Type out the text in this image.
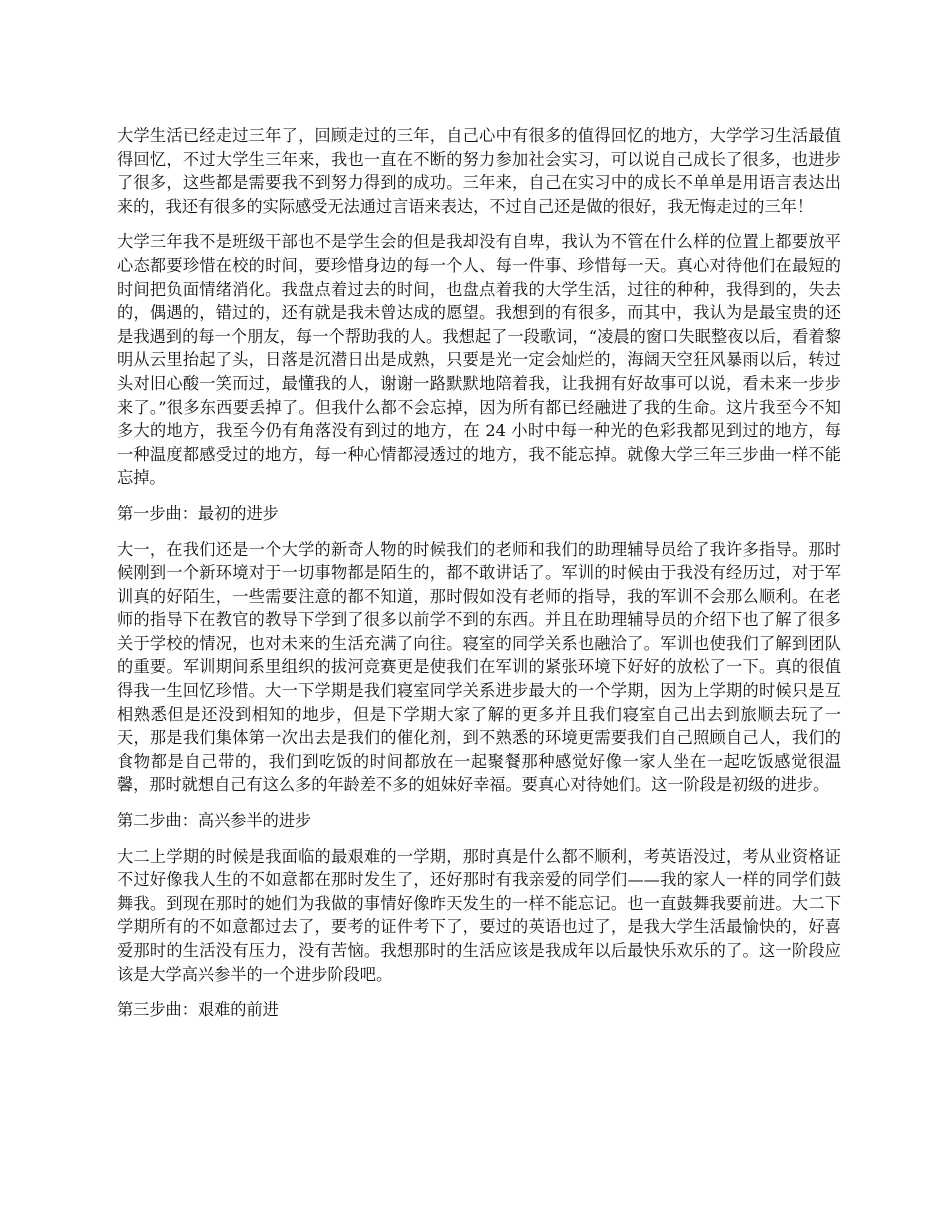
大学生活已经走过三年了，回顾走过的三年，自己心中有很多的值得回忆的地方，大学学习生活最值得回忆，不过大学生三年来，我也一直在不断的努力参加社会实习，可以说自己成长了很多，也进步了很多，这些都是需要我不到努力得到的成功。三年来，自己在实习中的成长不单单是用语言表达出来的，我还有很多的实际感受无法通过言语来表达，不过自己还是做的很好，我无悔走过的三年！

大学三年我不是班级干部也不是学生会的但是我却没有自卑，我认为不管在什么样的位置上都要放平心态都要珍惜在校的时间，要珍惜身边的每一个人、每一件事、珍惜每一天。真心对待他们在最短的时间把负面情绪消化。我盘点着过去的时间，也盘点着我的大学生活，过往的种种，我得到的，失去的，偶遇的，错过的，还有就是我未曾达成的愿望。我想到的有很多，而其中，我认为是最宝贵的还是我遇到的每一个朋友，每一个帮助我的人。我想起了一段歌词，“凌晨的窗口失眠整夜以后，看着黎明从云里抬起了头，日落是沉潜日出是成熟，只要是光一定会灿烂的，海阔天空狂风暴雨以后，转过头对旧心酸一笑而过，最懂我的人，谢谢一路默默地陪着我，让我拥有好故事可以说，看未来一步步来了。”很多东西要丢掉了。但我什么都不会忘掉，因为所有都已经融进了我的生命。这片我至今不知多大的地方，我至今仍有角落没有到过的地方，在 24 小时中每一种光的色彩我都见到过的地方，每一种温度都感受过的地方，每一种心情都浸透过的地方，我不能忘掉。就像大学三年三步曲一样不能忘掉。

第一步曲：最初的进步

大一，在我们还是一个大学的新奇人物的时候我们的老师和我们的助理辅导员给了我许多指导。那时候刚到一个新环境对于一切事物都是陌生的，都不敢讲话了。军训的时候由于我没有经历过，对于军训真的好陌生，一些需要注意的都不知道，那时假如没有老师的指导，我的军训不会那么顺利。在老师的指导下在教官的教导下学到了很多以前学不到的东西。并且在助理辅导员的介绍下也了解了很多关于学校的情况，也对未来的生活充满了向往。寝室的同学关系也融洽了。军训也使我们了解到团队的重要。军训期间系里组织的拔河竞赛更是使我们在军训的紧张环境下好好的放松了一下。真的很值得我一生回忆珍惜。大一下学期是我们寝室同学关系进步最大的一个学期，因为上学期的时候只是互相熟悉但是还没到相知的地步，但是下学期大家了解的更多并且我们寝室自己出去到旅顺去玩了一天，那是我们集体第一次出去是我们的催化剂，到不熟悉的环境更需要我们自己照顾自己人，我们的食物都是自己带的，我们到吃饭的时间都放在一起聚餐那种感觉好像一家人坐在一起吃饭感觉很温馨，那时就想自己有这么多的年龄差不多的姐妹好幸福。要真心对待她们。这一阶段是初级的进步。

第二步曲：高兴参半的进步

大二上学期的时候是我面临的最艰难的一学期，那时真是什么都不顺利，考英语没过，考从业资格证不过好像我人生的不如意都在那时发生了，还好那时有我亲爱的同学们——我的家人一样的同学们鼓舞我。到现在那时的她们为我做的事情好像昨天发生的一样不能忘记。也一直鼓舞我要前进。大二下学期所有的不如意都过去了，要考的证件考下了，要过的英语也过了，是我大学生活最愉快的，好喜爱那时的生活没有压力，没有苦恼。我想那时的生活应该是我成年以后最快乐欢乐的了。这一阶段应该是大学高兴参半的一个进步阶段吧。

第三步曲：艰难的前进
